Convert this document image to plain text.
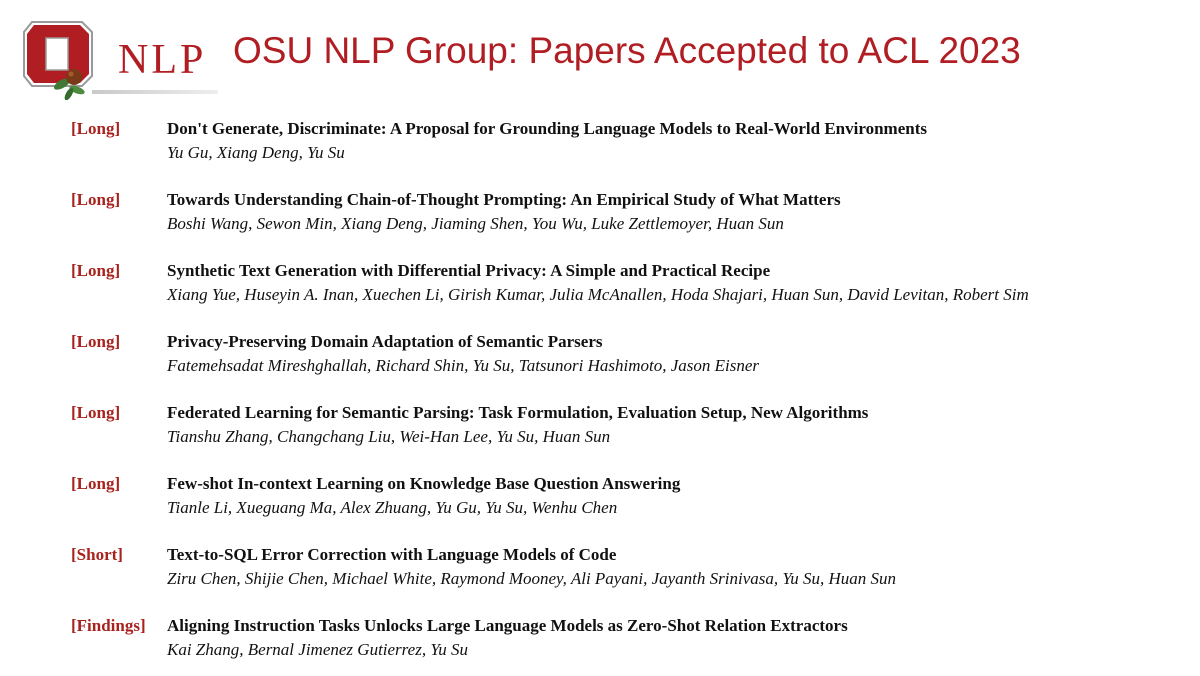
NLP OSU NLP Group: Papers Accepted to ACL 2023
[Long]	Don't Generate, Discriminate: A Proposal for Grounding Language Models to Real-World Environments
Yu Gu, Xiang Deng, Yu Su
[Long]	Towards Understanding Chain-of-Thought Prompting: An Empirical Study of What Matters
Boshi Wang, Sewon Min, Xiang Deng, Jiaming Shen, You Wu, Luke Zettlemoyer, Huan Sun
[Long]	Synthetic Text Generation with Differential Privacy: A Simple and Practical Recipe
Xiang Yue, Huseyin A. Inan, Xuechen Li, Girish Kumar, Julia McAnallen, Hoda Shajari, Huan Sun, David Levitan, Robert Sim
[Long]	Privacy-Preserving Domain Adaptation of Semantic Parsers
Fatemehsadat Mireshghallah, Richard Shin, Yu Su, Tatsunori Hashimoto, Jason Eisner
[Long]	Federated Learning for Semantic Parsing: Task Formulation, Evaluation Setup, New Algorithms
Tianshu Zhang, Changchang Liu, Wei-Han Lee, Yu Su, Huan Sun
[Long]	Few-shot In-context Learning on Knowledge Base Question Answering
Tianle Li, Xueguang Ma, Alex Zhuang, Yu Gu, Yu Su, Wenhu Chen
[Short]	Text-to-SQL Error Correction with Language Models of Code
Ziru Chen, Shijie Chen, Michael White, Raymond Mooney, Ali Payani, Jayanth Srinivasa, Yu Su, Huan Sun
[Findings] Aligning Instruction Tasks Unlocks Large Language Models as Zero-Shot Relation Extractors
Kai Zhang, Bernal Jimenez Gutierrez, Yu Su
